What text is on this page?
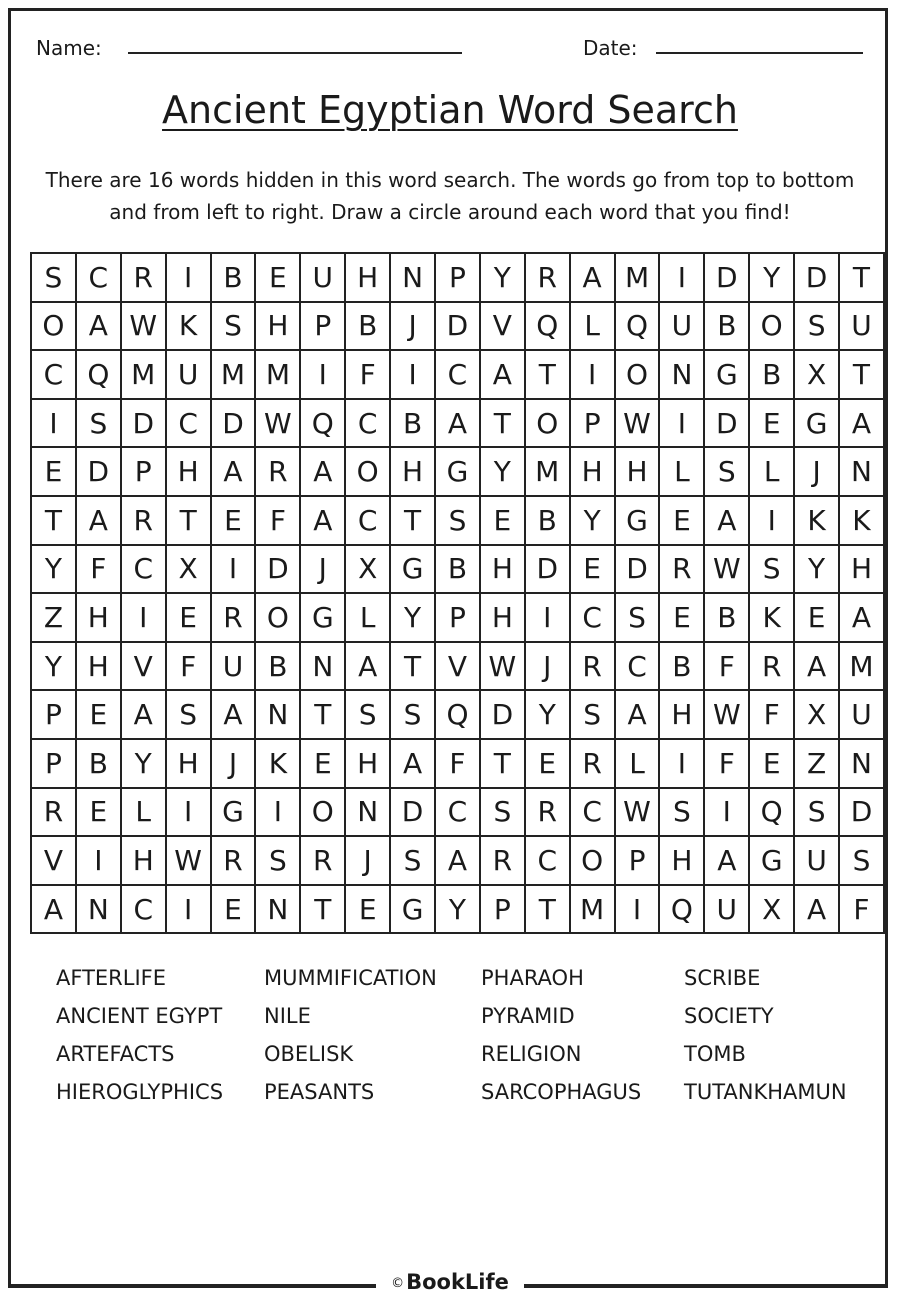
Name:	Date:
Ancient Egyptian Word Search
There are 16 words hidden in this word search. The words go from top to bottom and from left to right. Draw a circle around each word that you find!
S	C	R	I	B	E	U	H	N	P	Y	R	A	M	I	D	Y	D	T
O	A	W	K	S	H	P	B	J	D	V	Q	L	Q	U	B	O	S	U
C	Q	M	U	M	M	I	F	I	C	A	T	I	O	N	G	B	X	T
I	S	D	C	D	W	Q	C	B	A	T	O	P	W	I	D	E	G	A
E	D	P	H	A	R	A	O	H	G	Y	M	H	H	L	S	L	J	N
T	A	R	T	E	F	A	C	T	S	E	B	Y	G	E	A	I	K	K
Y	F	C	X	I	D	J	X	G	B	H	D	E	D	R	W	S	Y	H
Z	H	I	E	R	O	G	L	Y	P	H	I	C	S	E	B	K	E	A
Y	H	V	F	U	B	N	A	T	V	W	J	R	C	B	F	R	A	M
P	E	A	S	A	N	T	S	S	Q	D	Y	S	A	H	W	F	X	U
P	B	Y	H	J	K	E	H	A	F	T	E	R	L	I	F	E	Z	N
R	E	L	I	G	I	O	N	D	C	S	R	C	W	S	I	Q	S	D
V	I	H	W	R	S	R	J	S	A	R	C	O	P	H	A	G	U	S
A	N	C	I	E	N	T	E	G	Y	P	T	M	I	Q	U	X	A	F
AFTERLIFE
ANCIENT EGYPT
ARTEFACTS
HIEROGLYPHICS
MUMMIFICATION
NILE
OBELISK
PEASANTS
PHARAOH
PYRAMID
RELIGION
SARCOPHAGUS
SCRIBE
SOCIETY
TOMB
TUTANKHAMUN
©BookLife
